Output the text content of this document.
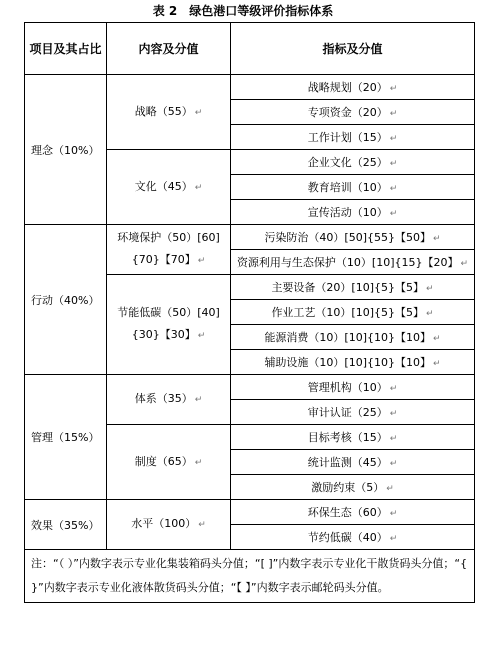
表 2　绿色港口等级评价指标体系
项目及其占比	内容及分值	指标及分值
理念（10%）	战略（55） ↵	战略规划（20） ↵
		专项资金（20） ↵
		工作计划（15） ↵
	文化（45） ↵	企业文化（25） ↵
		教育培训（10） ↵
		宣传活动（10） ↵
行动（40%）	环境保护（50）[60]{70}【70】 ↵	污染防治（40）[50]{55}【50】 ↵
		资源利用与生态保护（10）[10]{15}【20】 ↵
	节能低碳（50）[40]{30}【30】 ↵	主要设备（20）[10]{5}【5】 ↵
		作业工艺（10）[10]{5}【5】 ↵
		能源消费（10）[10]{10}【10】 ↵
		辅助设施（10）[10]{10}【10】 ↵
管理（15%）	体系（35） ↵	管理机构（10） ↵
		审计认证（25） ↵
	制度（65） ↵	目标考核（15） ↵
		统计监测（45） ↵
		激励约束（5） ↵
效果（35%）	水平（100） ↵	环保生态（60） ↵
		节约低碳（40） ↵
注：“（ ）”内数字表示专业化集装箱码头分值；“[ ]”内数字表示专业化干散货码头分值；“{ }”内数字表示专业化液体散货码头分值；“【 】”内数字表示邮轮码头分值。		
